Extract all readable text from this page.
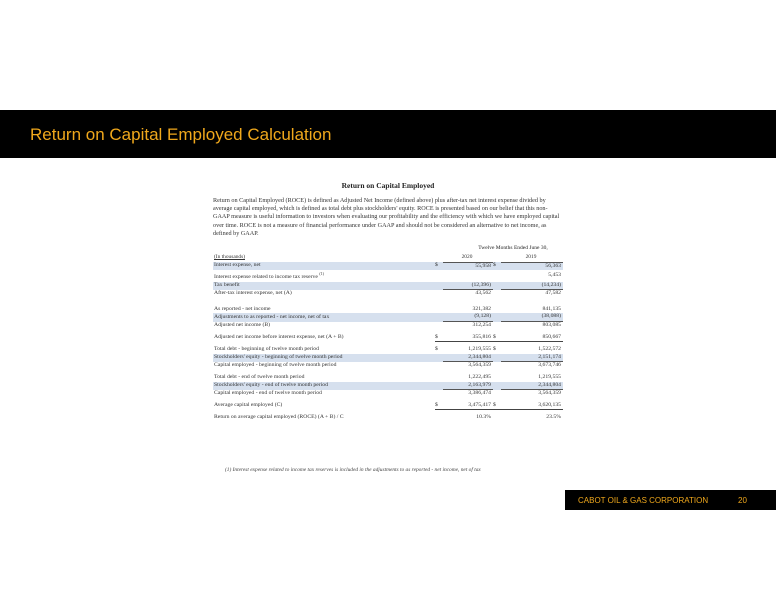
Return on Capital Employed Calculation
Return on Capital Employed
Return on Capital Employed (ROCE) is defined as Adjusted Net Income (defined above) plus after-tax net interest expense divided by average capital employed, which is defined as total debt plus stockholders' equity. ROCE is presented based on our belief that this non-GAAP measure is useful information to investors when evaluating our profitability and the efficiency with which we have employed capital over time. ROCE is not a measure of financial performance under GAAP and should not be considered an alternative to net income, as defined by GAAP.
Twelve Months Ended June 30,
(In thousands)		2020		2019
Interest expense, net	$	55,958	$	56,363
Interest expense related to income tax reserve $^{(1)}$				5,453
Tax benefit		(12,396)		(14,234)
After-tax interest expense, net (A)		43,562		47,582

As reported - net income		321,382		841,135
Adjustments to as reported - net income, net of tax		(9,128)		(38,088)
Adjusted net income (B)		312,254		803,085

Adjusted net income before interest expense, net (A + B)	$	355,816	$	850,667

Total debt - beginning of twelve month period	$	1,219,555	$	1,522,572
Stockholders' equity - beginning of twelve month period		2,344,804		2,151,174
Capital employed - beginning of twelve month period		3,564,359		3,673,746

Total debt - end of twelve month period		1,222,495		1,219,555
Stockholders' equity - end of twelve month period		2,163,979		2,344,804
Capital employed - end of twelve month period		3,386,474		3,564,359

Average capital employed (C)	$	3,475,417	$	3,620,135

Return on average capital employed (ROCE) (A + B) / C		10.3%		23.5%
(1) Interest expense related to income tax reserves is included in the adjustments to as reported - net income, net of tax
CABOT OIL & GAS CORPORATION	20
